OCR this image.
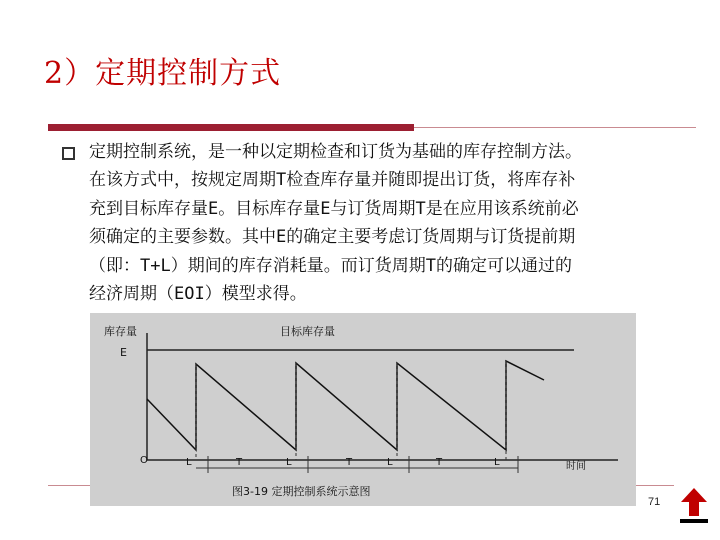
2）定期控制方式
定期控制系统，是一种以定期检查和订货为基础的库存控制方法。
在该方式中，按规定周期T检查库存量并随即提出订货，将库存补
充到目标库存量E。目标库存量E与订货周期T是在应用该系统前必
须确定的主要参数。其中E的确定主要考虑订货周期与订货提前期
（即：T+L）期间的库存消耗量。而订货周期T的确定可以通过的
经济周期（EOI）模型求得。
库存量	目标库存量
E
O	L	T	L	T	L	T	L	时间
图3-19 定期控制系统示意图
71
